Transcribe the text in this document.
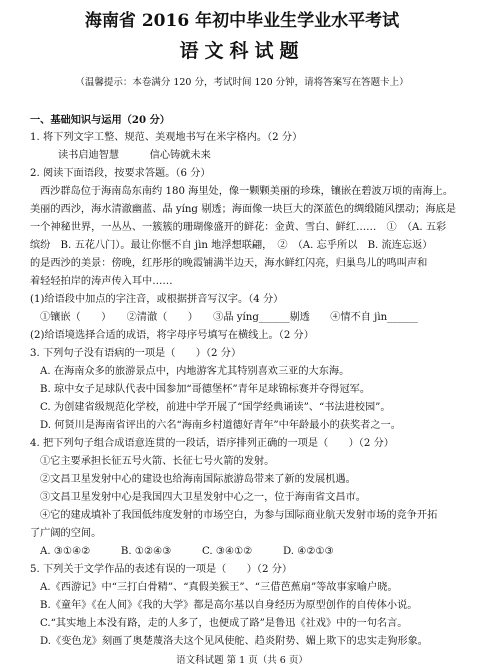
海南省 2016 年初中毕业生学业水平考试
语文科试题
（温馨提示：本卷满分 120 分，考试时间 120 分钟，请将答案写在答题卡上）
一、基础知识与运用（20 分）
1. 将下列文字工整、规范、美观地书写在米字格内。（2 分）
读书启迪智慧　　　信心铸就未来
2. 阅读下面语段，按要求答题。（6 分）
西沙群岛位于海南岛东南约 180 海里处，像一颗颗美丽的珍珠，镶嵌在碧波万顷的南海上。
美丽的西沙，海水清澈幽蓝、晶 yíng 剔透；海面像一块巨大的深蓝色的绸缎随风摆动；海底是
一个神秘世界，一丛丛、一簇簇的珊瑚像盛开的鲜花：金黄、雪白、鲜红……　①　（A. 五彩
缤纷　B. 五花八门）。最让你惬不自 jìn 地浮想联翩，　②　（A. 忘乎所以　B. 流连忘返）
的是西沙的美景：傍晚，红彤彤的晚霞铺满半边天，海水鲜红闪亮，归巢鸟儿的鸣叫声和
着轻轻拍岸的涛声传入耳中……
(1)给语段中加点的字注音，或根据拼音写汉字。（4 分）
①镶嵌（　　）　　②清澈（　　）　　③晶 yíng______剔透　　④情不自 jìn______
(2)给语境选择合适的成语，将字母序号填写在横线上。（2 分）
3. 下列句子没有语病的一项是（　　）（2 分）
A. 在海南众多的旅游景点中，内地游客尤其特别喜欢三亚的大东海。
B. 琼中女子足球队代表中国参加“哥德堡杯”青年足球锦标赛并夺得冠军。
C. 为创建省级规范化学校，前进中学开展了“国学经典诵读”、“书法进校园”。
D. 何贤川是海南省评出的六名“海南乡村道德好青年”中年龄最小的获奖者之一。
4. 把下列句子组合成语意连贯的一段话，语序排列正确的一项是（　　）（2 分）
①它主要承担长征五号火箭、长征七号火箭的发射。
②文昌卫星发射中心的建设也给海南国际旅游岛带来了新的发展机遇。
③文昌卫星发射中心是我国四大卫星发射中心之一，位于海南省文昌市。
④它的建成填补了我国低纬度发射的市场空白，为参与国际商业航天发射市场的竞争开拓
了广阔的空间。
A. ③①④②　　　B. ①②④③　　　C. ③④①②　　　D. ④②①③
5. 下列关于文学作品的表述有误的一项是（　　）（2 分）
A.《西游记》中“三打白骨精”、“真假美猴王”、“三借芭蕉扇”等故事家喻户晓。
B.《童年》《在人间》《我的大学》都是高尔基以自身经历为原型创作的自传体小说。
C.“其实地上本没有路，走的人多了，也便成了路”是鲁迅《社戏》中的一句名言。
D.《变色龙》刻画了奥楚蔑洛夫这个见风使舵、趋炎附势、媚上欺下的忠实走狗形象。
语文科试题 第 1 页（共 6 页）
